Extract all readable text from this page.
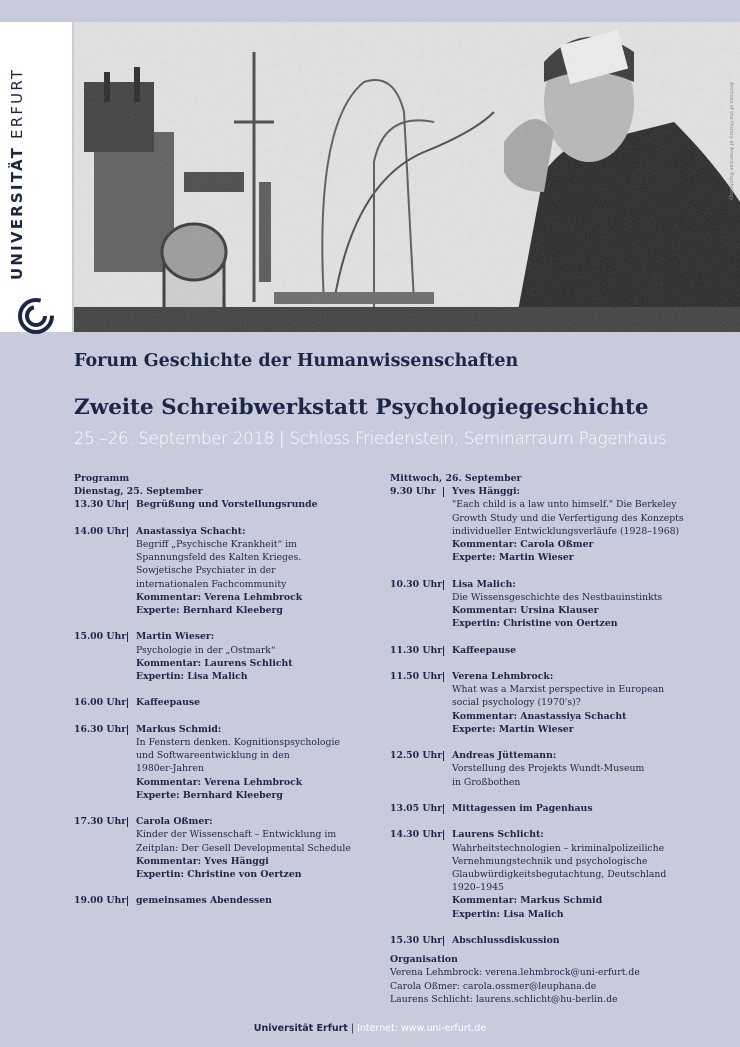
UNIVERSITÄT ERFURT	Archives of the History of American Psychology
Forum Geschichte der Humanwissenschaften
Zweite Schreibwerkstatt Psychologiegeschichte
25.–26. September 2018 | Schloss Friedenstein, Seminarraum Pagenhaus
Programm
Dienstag, 25. September
13.30 Uhr	Begrüßung und Vorstellungsrunde
14.00 Uhr	Anastassiya Schacht:
Begriff „Psychische Krankheit“ im
Spannungsfeld des Kalten Krieges.
Sowjetische Psychiater in der
internationalen Fachcommunity
Kommentar: Verena Lehmbrock
Experte: Bernhard Kleeberg
15.00 Uhr	Martin Wieser:
Psychologie in der „Ostmark“
Kommentar: Laurens Schlicht
Expertin: Lisa Malich
16.00 Uhr	Kaffeepause
16.30 Uhr	Markus Schmid:
In Fenstern denken. Kognitionspsychologie
und Softwareentwicklung in den
1980er-Jahren
Kommentar: Verena Lehmbrock
Experte: Bernhard Kleeberg
17.30 Uhr	Carola Oßmer:
Kinder der Wissenschaft – Entwicklung im
Zeitplan: Der Gesell Developmental Schedule
Kommentar: Yves Hänggi
Expertin: Christine von Oertzen
19.00 Uhr	gemeinsames Abendessen
Mittwoch, 26. September
9.30 Uhr	Yves Hänggi:
"Each child is a law unto himself." Die Berkeley
Growth Study und die Verfertigung des Konzepts
individueller Entwicklungsverläufe (1928–1968)
Kommentar: Carola Oßmer
Experte: Martin Wieser
10.30 Uhr	Lisa Malich:
Die Wissensgeschichte des Nestbauinstinkts
Kommentar: Ursina Klauser
Expertin: Christine von Oertzen
11.30 Uhr	Kaffeepause
11.50 Uhr	Verena Lehmbrock:
What was a Marxist perspective in European
social psychology (1970's)?
Kommentar: Anastassiya Schacht
Experte: Martin Wieser
12.50 Uhr	Andreas Jüttemann:
Vorstellung des Projekts Wundt-Museum
in Großbothen
13.05 Uhr	Mittagessen im Pagenhaus
14.30 Uhr	Laurens Schlicht:
Wahrheitstechnologien – kriminalpolizeiliche
Vernehmungstechnik und psychologische
Glaubwürdigkeitsbegutachtung, Deutschland
1920–1945
Kommentar: Markus Schmid
Expertin: Lisa Malich
15.30 Uhr	Abschlussdiskussion
Organisation
Verena Lehmbrock: verena.lehmbrock@uni-erfurt.de
Carola Oßmer: carola.ossmer@leuphana.de
Laurens Schlicht: laurens.schlicht@hu-berlin.de
Universität Erfurt | Internet: www.uni-erfurt.de
